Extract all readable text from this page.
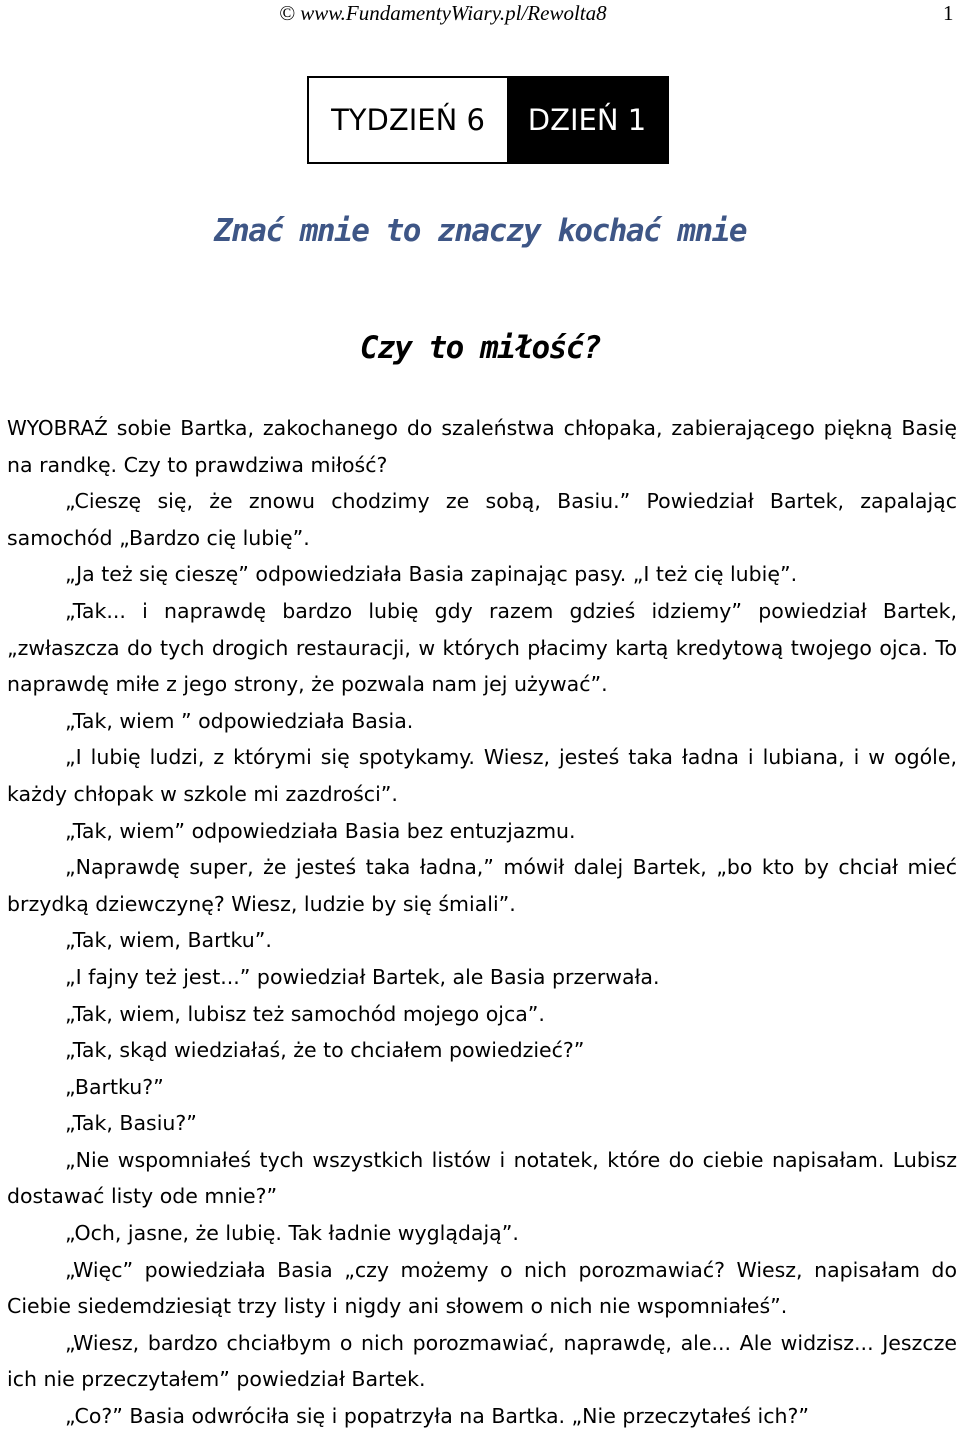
© www.FundamentyWiary.pl/Rewolta8	1
TYDZIEŃ 6	DZIEŃ 1
Znać mnie to znaczy kochać mnie
Czy to miłość?

WYOBRAŹ sobie Bartka, zakochanego do szaleństwa chłopaka, zabierającego piękną Basię na randkę. Czy to prawdziwa miłość?

„Cieszę się, że znowu chodzimy ze sobą, Basiu.” Powiedział Bartek, zapalając samochód „Bardzo cię lubię”.

„Ja też się cieszę” odpowiedziała Basia zapinając pasy. „I też cię lubię”.

„Tak... i naprawdę bardzo lubię gdy razem gdzieś idziemy” powiedział Bartek, „zwłaszcza do tych drogich restauracji, w których płacimy kartą kredytową twojego ojca. To naprawdę miłe z jego strony, że pozwala nam jej używać”.

„Tak, wiem ” odpowiedziała Basia.

„I lubię ludzi, z którymi się spotykamy. Wiesz, jesteś taka ładna i lubiana, i w ogóle, każdy chłopak w szkole mi zazdrości”.

„Tak, wiem” odpowiedziała Basia bez entuzjazmu.

„Naprawdę super, że jesteś taka ładna,” mówił dalej Bartek, „bo kto by chciał mieć brzydką dziewczynę? Wiesz, ludzie by się śmiali”.

„Tak, wiem, Bartku”.

„I fajny też jest...” powiedział Bartek, ale Basia przerwała.

„Tak, wiem, lubisz też samochód mojego ojca”.

„Tak, skąd wiedziałaś, że to chciałem powiedzieć?”

„Bartku?”

„Tak, Basiu?”

„Nie wspomniałeś tych wszystkich listów i notatek, które do ciebie napisałam. Lubisz dostawać listy ode mnie?”

„Och, jasne, że lubię. Tak ładnie wyglądają”.

„Więc” powiedziała Basia „czy możemy o nich porozmawiać? Wiesz, napisałam do Ciebie siedemdziesiąt trzy listy i nigdy ani słowem o nich nie wspomniałeś”.

„Wiesz, bardzo chciałbym o nich porozmawiać, naprawdę, ale... Ale widzisz... Jeszcze ich nie przeczytałem” powiedział Bartek.

„Co?” Basia odwróciła się i popatrzyła na Bartka. „Nie przeczytałeś ich?”
